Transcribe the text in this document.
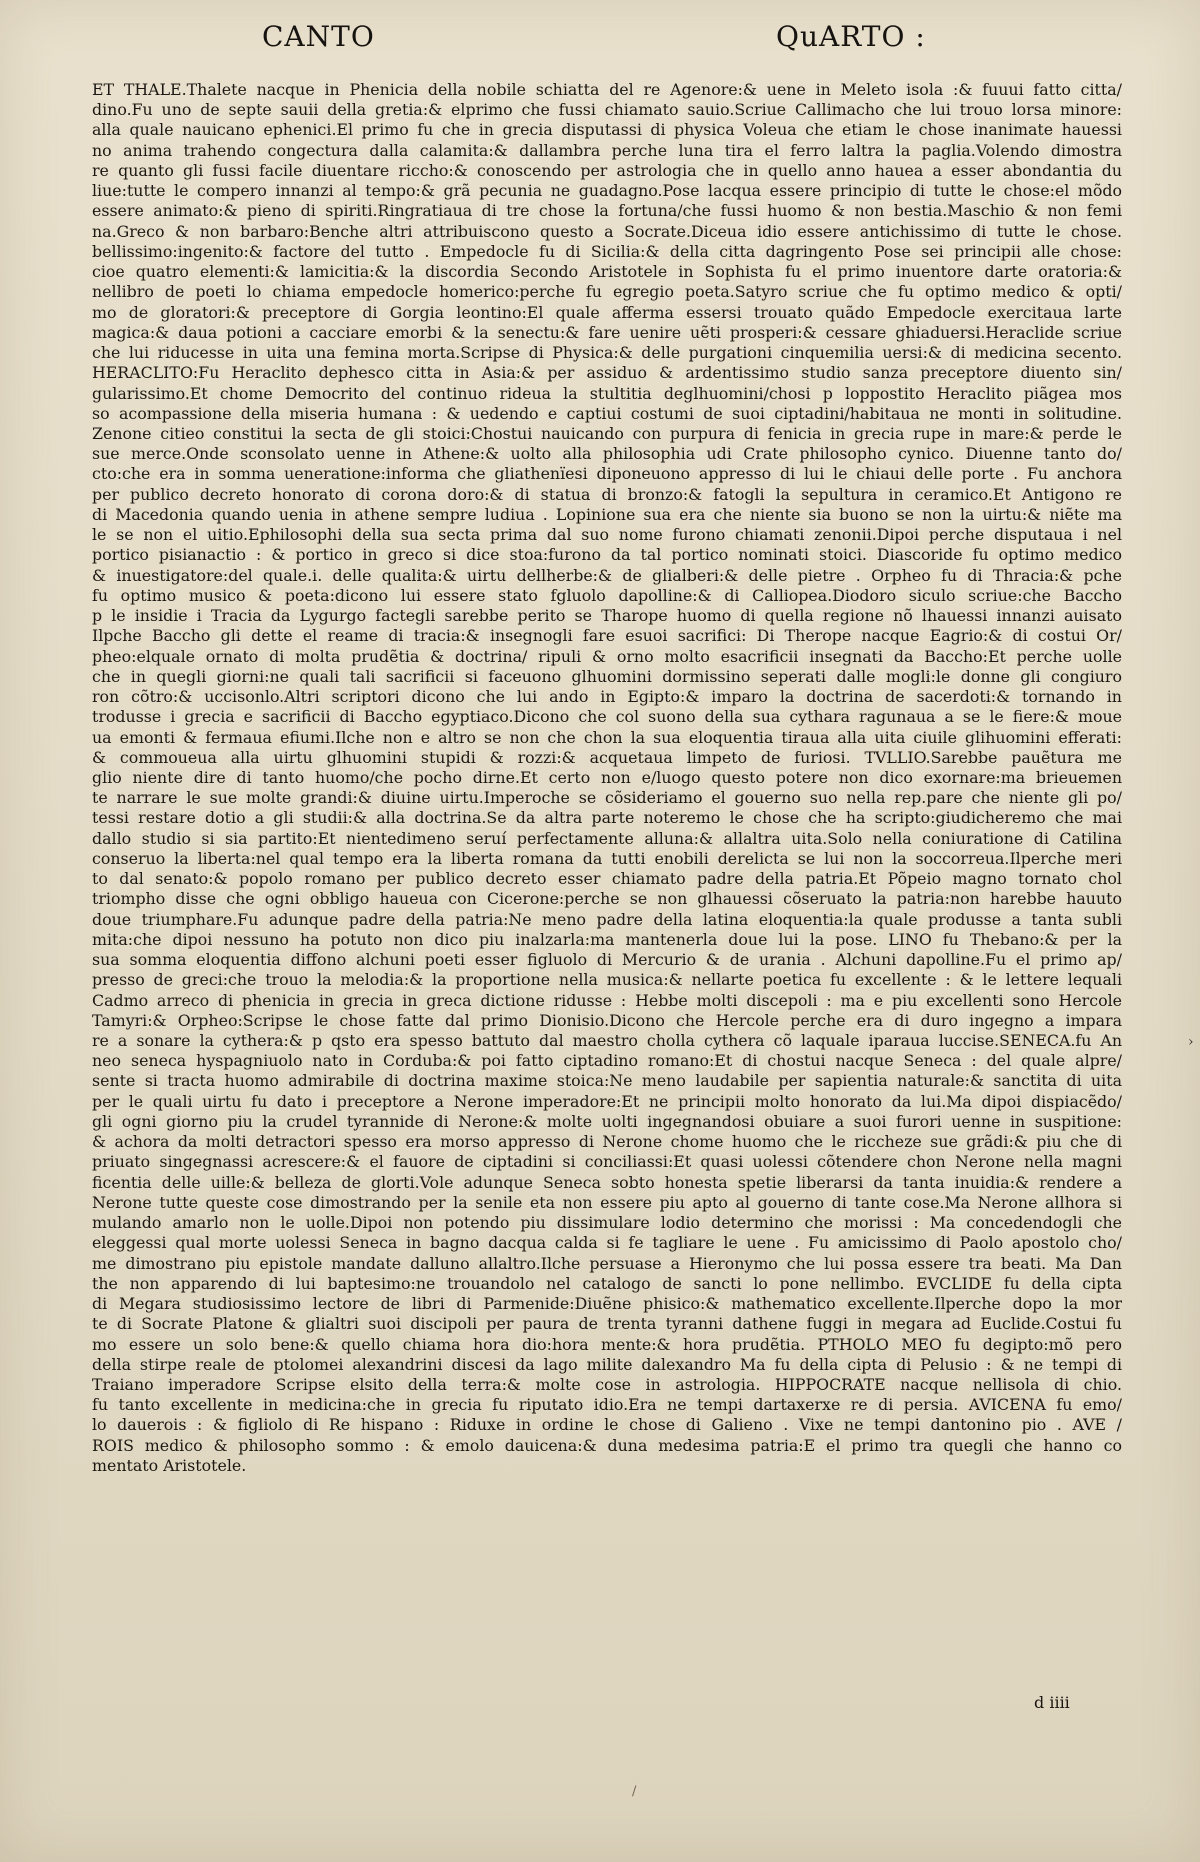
CANTO	QuARTO :
ET THALE.Thalete nacque in Phenicia della nobile schiatta del re Agenore:& uene in Meleto isola :& fuuui fatto citta/
dino.Fu uno de septe sauii della gretia:& elprimo che fussi chiamato sauio.Scriue Callimacho che lui trouo lorsa minore:
alla quale nauicano ephenici.El primo fu che in grecia disputassi di physica Voleua che etiam le chose inanimate hauessi
no anima trahendo congectura dalla calamita:& dallambra perche luna tira el ferro laltra la paglia.Volendo dimostra
re quanto gli fussi facile diuentare riccho:& conoscendo per astrologia che in quello anno hauea a esser abondantia du
liue:tutte le compero innanzi al tempo:& grã pecunia ne guadagno.Pose lacqua essere principio di tutte le chose:el mõdo
essere animato:& pieno di spiriti.Ringratiaua di tre chose la fortuna/che fussi huomo & non bestia.Maschio & non femi
na.Greco & non barbaro:Benche altri attribuiscono questo a Socrate.Diceua idio essere antichissimo di tutte le chose.
bellissimo:ingenito:& factore del tutto . Empedocle fu di Sicilia:& della citta dagringento Pose sei principii alle chose:
cioe quatro elementi:& lamicitia:& la discordia Secondo Aristotele in Sophista fu el primo inuentore darte oratoria:&
nellibro de poeti lo chiama empedocle homerico:perche fu egregio poeta.Satyro scriue che fu optimo medico & opti/
mo de gloratori:& preceptore di Gorgia leontino:El quale afferma essersi trouato quãdo Empedocle exercitaua larte
magica:& daua potioni a cacciare emorbi & la senectu:& fare uenire uẽti prosperi:& cessare ghiaduersi.Heraclide scriue
che lui riducesse in uita una femina morta.Scripse di Physica:& delle purgationi cinquemilia uersi:& di medicina secento.
HERACLITO:Fu Heraclito dephesco citta in Asia:& per assiduo & ardentissimo studio sanza preceptore diuento sin/
gularissimo.Et chome Democrito del continuo rideua la stultitia deglhuomini/chosi p loppostito Heraclito piãgea mos
so acompassione della miseria humana : & uedendo e captiui costumi de suoi ciptadini/habitaua ne monti in solitudine.
Zenone citieo constitui la secta de gli stoici:Chostui nauicando con purpura di fenicia in grecia rupe in mare:& perde le
sue merce.Onde sconsolato uenne in Athene:& uolto alla philosophia udi Crate philosopho cynico. Diuenne tanto do/
cto:che era in somma ueneratione:informa che gliathenïesi diponeuono appresso di lui le chiaui delle porte . Fu anchora
per publico decreto honorato di corona doro:& di statua di bronzo:& fatogli la sepultura in ceramico.Et Antigono re
di Macedonia quando uenia in athene sempre ludiua . Lopinione sua era che niente sia buono se non la uirtu:& niẽte ma
le se non el uitio.Ephilosophi della sua secta prima dal suo nome furono chiamati zenonii.Dipoi perche disputaua i nel
portico pisianactio : & portico in greco si dice stoa:furono da tal portico nominati stoici. Diascoride fu optimo medico
& inuestigatore:del quale.i. delle qualita:& uirtu dellherbe:& de glialberi:& delle pietre . Orpheo fu di Thracia:& pche
fu optimo musico & poeta:dicono lui essere stato fgluolo dapolline:& di Calliopea.Diodoro siculo scriue:che Baccho
p le insidie i Tracia da Lygurgo factegli sarebbe perito se Tharope huomo di quella regione nõ lhauessi innanzi auisato
Ilpche Baccho gli dette el reame di tracia:& insegnogli fare esuoi sacrifici: Di Therope nacque Eagrio:& di costui Or/
pheo:elquale ornato di molta prudẽtia & doctrina/ ripuli & orno molto esacrificii insegnati da Baccho:Et perche uolle
che in quegli giorni:ne quali tali sacrificii si faceuono glhuomini dormissino seperati dalle mogli:le donne gli congiuro
ron cõtro:& uccisonlo.Altri scriptori dicono che lui ando in Egipto:& imparo la doctrina de sacerdoti:& tornando in
trodusse i grecia e sacrificii di Baccho egyptiaco.Dicono che col suono della sua cythara ragunaua a se le fiere:& moue
ua emonti & fermaua efiumi.Ilche non e altro se non che chon la sua eloquentia tiraua alla uita ciuile glihuomini efferati:
& commoueua alla uirtu glhuomini stupidi & rozzi:& acquetaua limpeto de furiosi. TVLLIO.Sarebbe pauẽtura me
glio niente dire di tanto huomo/che pocho dirne.Et certo non e/luogo questo potere non dico exornare:ma brieuemen
te narrare le sue molte grandi:& diuine uirtu.Imperoche se cõsideriamo el gouerno suo nella rep.pare che niente gli po/
tessi restare dotio a gli studii:& alla doctrina.Se da altra parte noteremo le chose che ha scripto:giudicheremo che mai
dallo studio si sia partito:Et nientedimeno seruí perfectamente alluna:& allaltra uita.Solo nella coniuratione di Catilina
conseruo la liberta:nel qual tempo era la liberta romana da tutti enobili derelicta se lui non la soccorreua.Ilperche meri
to dal senato:& popolo romano per publico decreto esser chiamato padre della patria.Et Põpeio magno tornato chol
triompho disse che ogni obbligo haueua con Cicerone:perche se non glhauessi cõseruato la patria:non harebbe hauuto
doue triumphare.Fu adunque padre della patria:Ne meno padre della latina eloquentia:la quale produsse a tanta subli
mita:che dipoi nessuno ha potuto non dico piu inalzarla:ma mantenerla doue lui la pose. LINO fu Thebano:& per la
sua somma eloquentia diffono alchuni poeti esser figluolo di Mercurio & de urania . Alchuni dapolline.Fu el primo ap/
presso de greci:che trouo la melodia:& la proportione nella musica:& nellarte poetica fu excellente : & le lettere lequali
Cadmo arreco di phenicia in grecia in greca dictione ridusse : Hebbe molti discepoli : ma e piu excellenti sono Hercole
Tamyri:& Orpheo:Scripse le chose fatte dal primo Dionisio.Dicono che Hercole perche era di duro ingegno a impara
re a sonare la cythera:& p qsto era spesso battuto dal maestro cholla cythera cõ laquale iparaua luccise.SENECA.fu An
neo seneca hyspagniuolo nato in Corduba:& poi fatto ciptadino romano:Et di chostui nacque Seneca : del quale alpre/
sente si tracta huomo admirabile di doctrina maxime stoica:Ne meno laudabile per sapientia naturale:& sanctita di uita
per le quali uirtu fu dato i preceptore a Nerone imperadore:Et ne principii molto honorato da lui.Ma dipoi dispiacẽdo/
gli ogni giorno piu la crudel tyrannide di Nerone:& molte uolti ingegnandosi obuiare a suoi furori uenne in suspitione:
& achora da molti detractori spesso era morso appresso di Nerone chome huomo che le riccheze sue grãdi:& piu che di
priuato singegnassi acrescere:& el fauore de ciptadini si conciliassi:Et quasi uolessi cõtendere chon Nerone nella magni
ficentia delle uille:& belleza de glorti.Vole adunque Seneca sobto honesta spetie liberarsi da tanta inuidia:& rendere a
Nerone tutte queste cose dimostrando per la senile eta non essere piu apto al gouerno di tante cose.Ma Nerone allhora si
mulando amarlo non le uolle.Dipoi non potendo piu dissimulare lodio determino che morissi : Ma concedendogli che
eleggessi qual morte uolessi Seneca in bagno dacqua calda si fe tagliare le uene . Fu amicissimo di Paolo apostolo cho/
me dimostrano piu epistole mandate dalluno allaltro.Ilche persuase a Hieronymo che lui possa essere tra beati. Ma Dan
the non apparendo di lui baptesimo:ne trouandolo nel catalogo de sancti lo pone nellimbo. EVCLIDE fu della cipta
di Megara studiosissimo lectore de libri di Parmenide:Diuẽne phisico:& mathematico excellente.Ilperche dopo la mor
te di Socrate Platone & glialtri suoi discipoli per paura de trenta tyranni dathene fuggi in megara ad Euclide.Costui fu
mo essere un solo bene:& quello chiama hora dio:hora mente:& hora prudẽtia. PTHOLO MEO fu degipto:mõ pero
della stirpe reale de ptolomei alexandrini discesi da lago milite dalexandro Ma fu della cipta di Pelusio : & ne tempi di
Traiano imperadore Scripse elsito della terra:& molte cose in astrologia. HIPPOCRATE nacque nellisola di chio.
fu tanto excellente in medicina:che in grecia fu riputato idio.Era ne tempi dartaxerxe re di persia. AVICENA fu emo/
lo dauerois : & figliolo di Re hispano : Riduxe in ordine le chose di Galieno . Vixe ne tempi dantonino pio . AVE /
ROIS medico & philosopho sommo : & emolo dauicena:& duna medesima patria:E el primo tra quegli che hanno co
mentato Aristotele.
d iiii
›
/
